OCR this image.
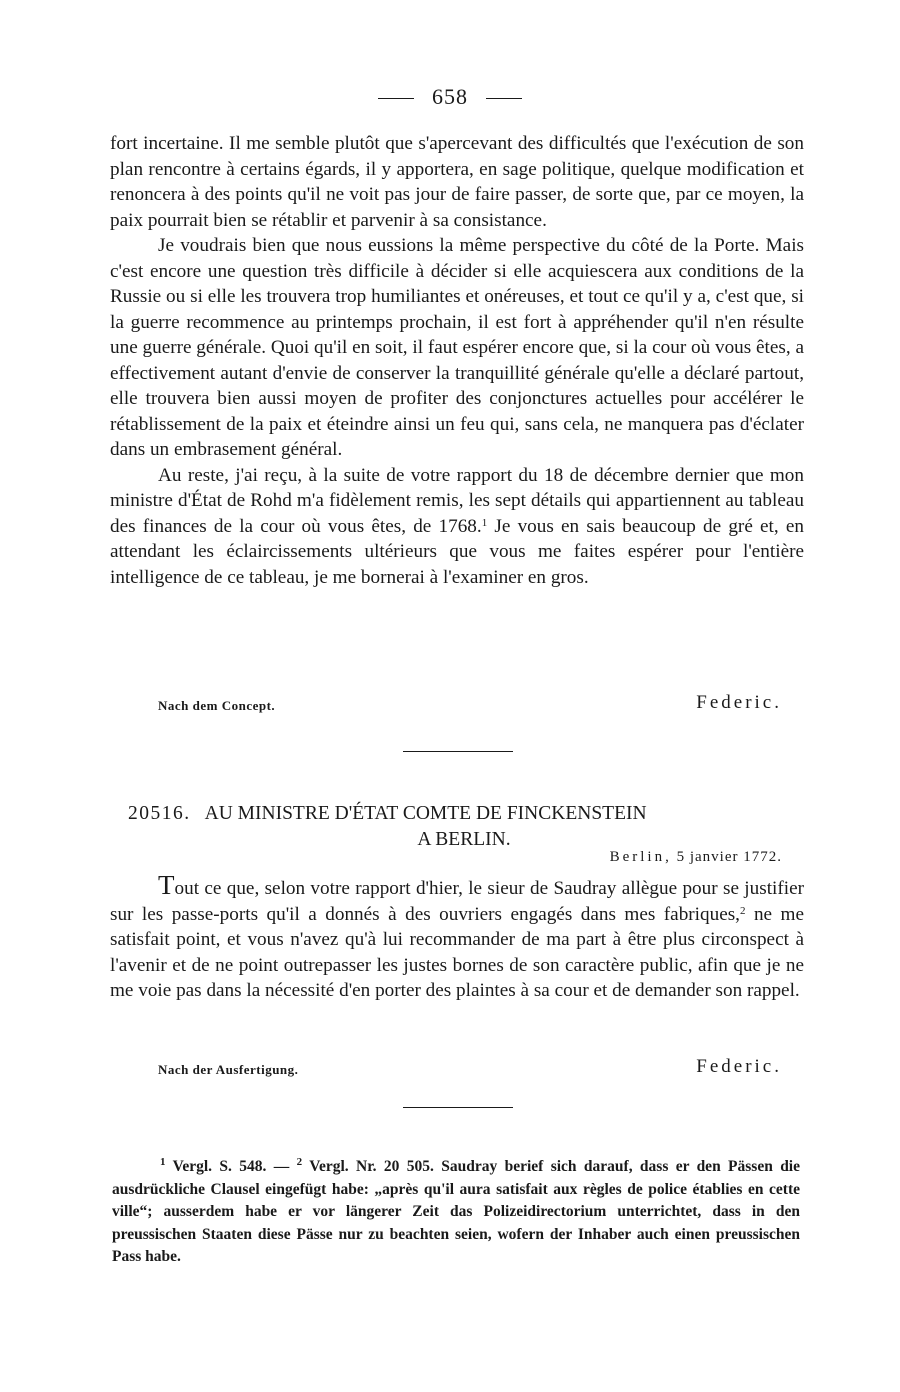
658

fort incertaine. Il me semble plutôt que s'apercevant des difficultés que l'exécution de son plan rencontre à certains égards, il y apportera, en sage politique, quelque modification et renoncera à des points qu'il ne voit pas jour de faire passer, de sorte que, par ce moyen, la paix pourrait bien se rétablir et parvenir à sa consistance.

Je voudrais bien que nous eussions la même perspective du côté de la Porte. Mais c'est encore une question très difficile à décider si elle acquiescera aux conditions de la Russie ou si elle les trouvera trop humiliantes et onéreuses, et tout ce qu'il y a, c'est que, si la guerre recommence au printemps prochain, il est fort à appréhender qu'il n'en résulte une guerre générale. Quoi qu'il en soit, il faut espérer encore que, si la cour où vous êtes, a effectivement autant d'envie de conserver la tranquillité générale qu'elle a déclaré partout, elle trouvera bien aussi moyen de profiter des conjonctures actuelles pour accélérer le rétablissement de la paix et éteindre ainsi un feu qui, sans cela, ne manquera pas d'éclater dans un embrasement général.

Au reste, j'ai reçu, à la suite de votre rapport du 18 de décembre dernier que mon ministre d'État de Rohd m'a fidèlement remis, les sept détails qui appartiennent au tableau des finances de la cour où vous êtes, de 1768.$^1$ Je vous en sais beaucoup de gré et, en attendant les éclaircissements ultérieurs que vous me faites espérer pour l'entière intelligence de ce tableau, je me bornerai à l'examiner en gros.

Nach dem Concept.	Federic.
20516. AU MINISTRE D'ÉTAT COMTE DE FINCKENSTEIN
A BERLIN.
Berlin, 5 janvier 1772.

Tout ce que, selon votre rapport d'hier, le sieur de Saudray allègue pour se justifier sur les passe-ports qu'il a donnés à des ouvriers engagés dans mes fabriques,$^2$ ne me satisfait point, et vous n'avez qu'à lui recommander de ma part à être plus circonspect à l'avenir et de ne point outrepasser les justes bornes de son caractère public, afin que je ne me voie pas dans la nécessité d'en porter des plaintes à sa cour et de demander son rappel.

Nach der Ausfertigung.	Federic.

$^1$ Vergl. S. 548. — $^2$ Vergl. Nr. 20 505. Saudray berief sich darauf, dass er den Pässen die ausdrückliche Clausel eingefügt habe: „après qu'il aura satisfait aux règles de police établies en cette ville“; ausserdem habe er vor längerer Zeit das Polizeidirectorium unterrichtet, dass in den preussischen Staaten diese Pässe nur zu beachten seien, wofern der Inhaber auch einen preussischen Pass habe.
